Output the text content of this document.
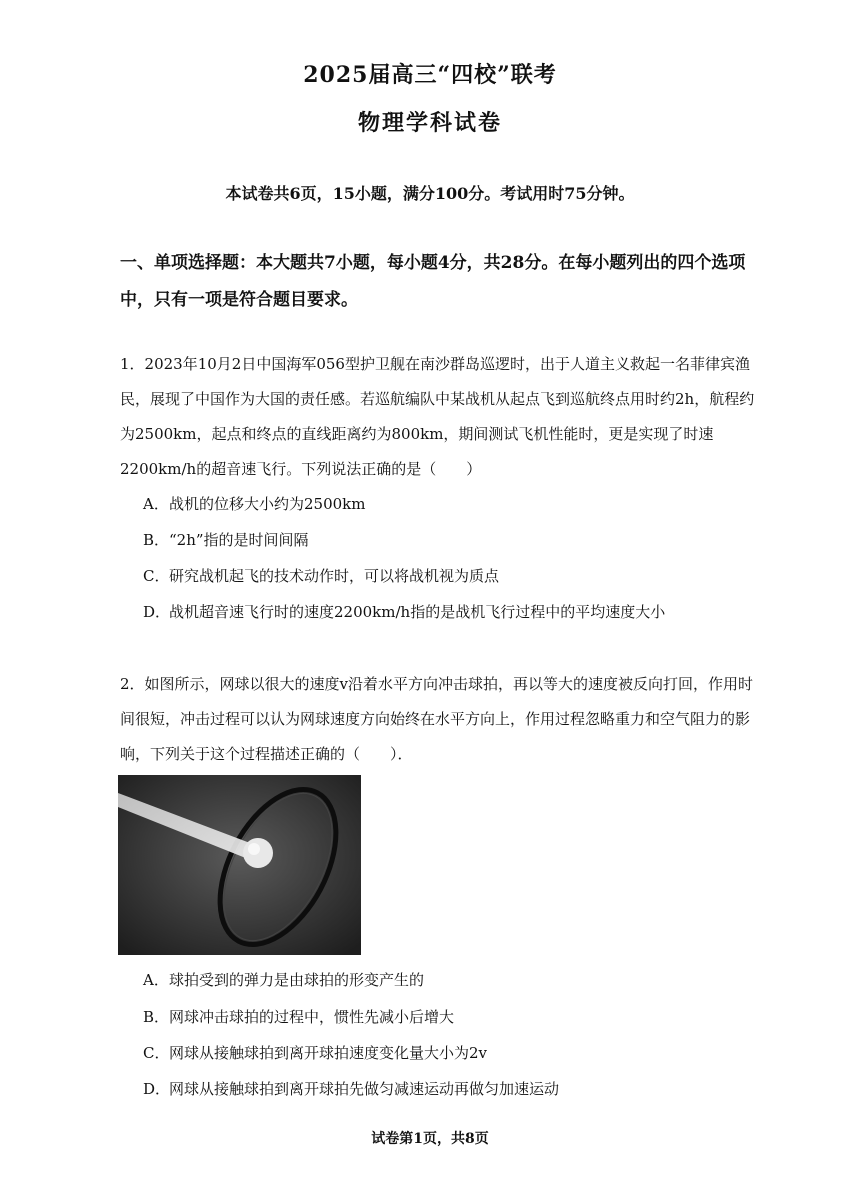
2025届高三“四校”联考
物理学科试卷
本试卷共6页，15小题，满分100分。考试用时75分钟。
一、单项选择题：本大题共7小题，每小题4分，共28分。在每小题列出的四个选项中，只有一项是符合题目要求。
1．2023年10月2日中国海军056型护卫舰在南沙群岛巡逻时，出于人道主义救起一名菲律宾渔民，展现了中国作为大国的责任感。若巡航编队中某战机从起点飞到巡航终点用时约2h，航程约为2500km，起点和终点的直线距离约为800km，期间测试飞机性能时，更是实现了时速2200km/h的超音速飞行。下列说法正确的是（　　）
A．战机的位移大小约为2500km
B．“2h”指的是时间间隔
C．研究战机起飞的技术动作时，可以将战机视为质点
D．战机超音速飞行时的速度2200km/h指的是战机飞行过程中的平均速度大小
2．如图所示，网球以很大的速度v沿着水平方向冲击球拍，再以等大的速度被反向打回，作用时间很短，冲击过程可以认为网球速度方向始终在水平方向上，作用过程忽略重力和空气阻力的影响，下列关于这个过程描述正确的（　　）．
A．球拍受到的弹力是由球拍的形变产生的
B．网球冲击球拍的过程中，惯性先减小后增大
C．网球从接触球拍到离开球拍速度变化量大小为2v
D．网球从接触球拍到离开球拍先做匀减速运动再做匀加速运动
试卷第1页，共8页
